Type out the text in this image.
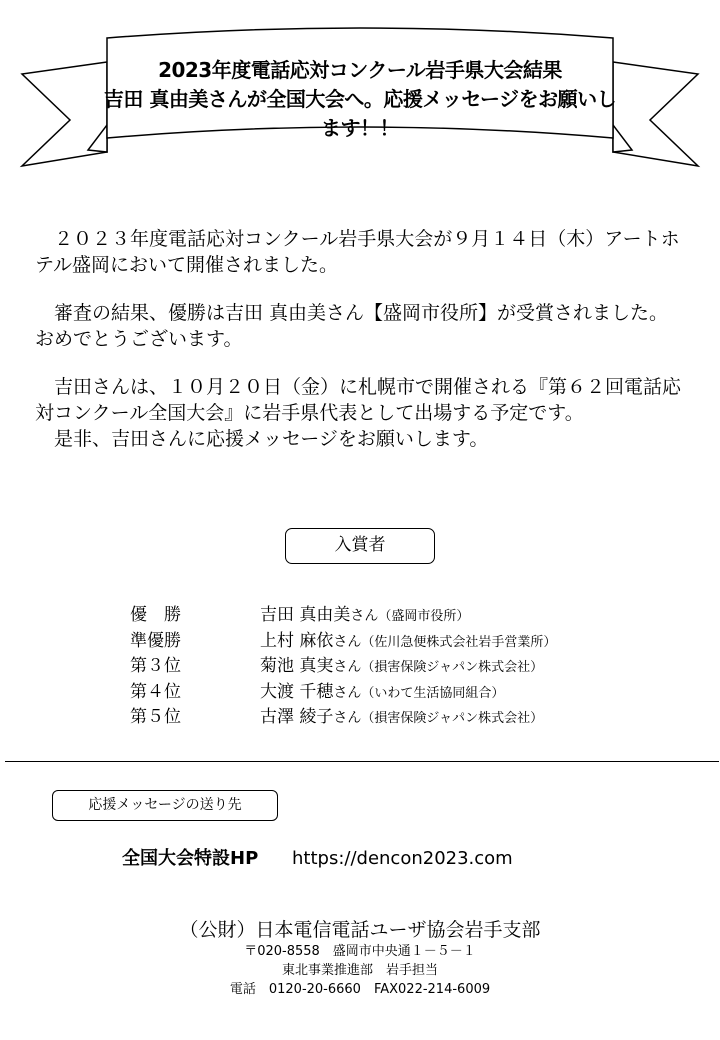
2023年度電話応対コンクール岩手県大会結果
吉田 真由美さんが全国大会へ。応援メッセージをお願いします！！

　２０２３年度電話応対コンクール岩手県大会が９月１４日（木）アートホテル盛岡において開催されました。

　審査の結果、優勝は吉田 真由美さん【盛岡市役所】が受賞されました。おめでとうございます。

　吉田さんは、１０月２０日（金）に札幌市で開催される『第６２回電話応対コンクール全国大会』に岩手県代表として出場する予定です。
　是非、吉田さんに応援メッセージをお願いします。

入賞者
優　勝	吉田 真由美さん（盛岡市役所）
準優勝	上村 麻依さん（佐川急便株式会社岩手営業所）
第３位	菊池 真実さん（損害保険ジャパン株式会社）
第４位	大渡 千穂さん（いわて生活協同組合）
第５位	古澤 綾子さん（損害保険ジャパン株式会社）
応援メッセージの送り先
全国大会特設HP https://dencon2023.com
（公財）日本電信電話ユーザ協会岩手支部
〒020-8558　盛岡市中央通１－５－１
東北事業推進部　岩手担当
電話　0120-20-6660　FAX022-214-6009
